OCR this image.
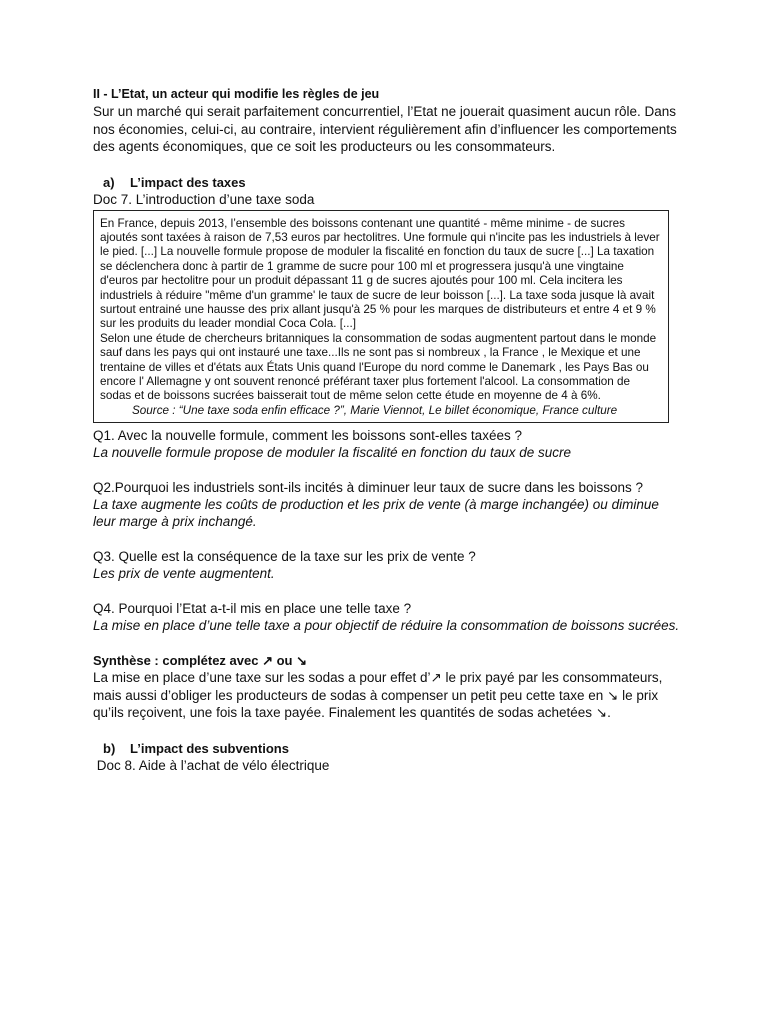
II - L’Etat, un acteur qui modifie les règles de jeu

Sur un marché qui serait parfaitement concurrentiel, l’Etat ne jouerait quasiment aucun rôle. Dans nos économies, celui-ci, au contraire, intervient régulièrement afin d’influencer les comportements des agents économiques, que ce soit les producteurs ou les consommateurs.

a) L’impact des taxes

Doc 7. L’introduction d’une taxe soda

En France, depuis 2013, l’ensemble des boissons contenant une quantité - même minime - de sucres ajoutés sont taxées à raison de 7,53 euros par hectolitres. Une formule qui n'incite pas les industriels à lever le pied. [...] La nouvelle formule propose de moduler la fiscalité en fonction du taux de sucre [...] La taxation se déclenchera donc à partir de 1 gramme de sucre pour 100 ml et progressera jusqu'à une vingtaine d'euros par hectolitre pour un produit dépassant 11 g de sucres ajoutés pour 100 ml. Cela incitera les industriels à réduire "même d'un gramme' le taux de sucre de leur boisson [...]. La taxe soda jusque là avait surtout entrainé une hausse des prix allant jusqu'à 25 % pour les marques de distributeurs et entre 4 et 9 % sur les produits du leader mondial Coca Cola. [...]

Selon une étude de chercheurs britanniques la consommation de sodas augmentent partout dans le monde sauf dans les pays qui ont instauré une taxe...Ils ne sont pas si nombreux , la France , le Mexique et une trentaine de villes et d'états aux États Unis quand l'Europe du nord comme le Danemark , les Pays Bas ou encore l' Allemagne y ont souvent renoncé préférant taxer plus fortement l'alcool. La consommation de sodas et de boissons sucrées baisserait tout de même selon cette étude en moyenne de 4 à 6%.

Source : “Une taxe soda enfin efficace ?”, Marie Viennot, Le billet économique, France culture

Q1. Avec la nouvelle formule, comment les boissons sont-elles taxées ?

La nouvelle formule propose de moduler la fiscalité en fonction du taux de sucre

Q2.Pourquoi les industriels sont-ils incités à diminuer leur taux de sucre dans les boissons ?

La taxe augmente les coûts de production et les prix de vente (à marge inchangée) ou diminue leur marge à prix inchangé.

Q3. Quelle est la conséquence de la taxe sur les prix de vente ?

Les prix de vente augmentent.

Q4. Pourquoi l’Etat a-t-il mis en place une telle taxe ?

La mise en place d’une telle taxe a pour objectif de réduire la consommation de boissons sucrées.

Synthèse : complétez avec ↗ ou ↘

La mise en place d’une taxe sur les sodas a pour effet d’↗ le prix payé par les consommateurs, mais aussi d’obliger les producteurs de sodas à compenser un petit peu cette taxe en ↘ le prix qu’ils reçoivent, une fois la taxe payée. Finalement les quantités de sodas achetées ↘.

b) L’impact des subventions

Doc 8. Aide à l’achat de vélo électrique
